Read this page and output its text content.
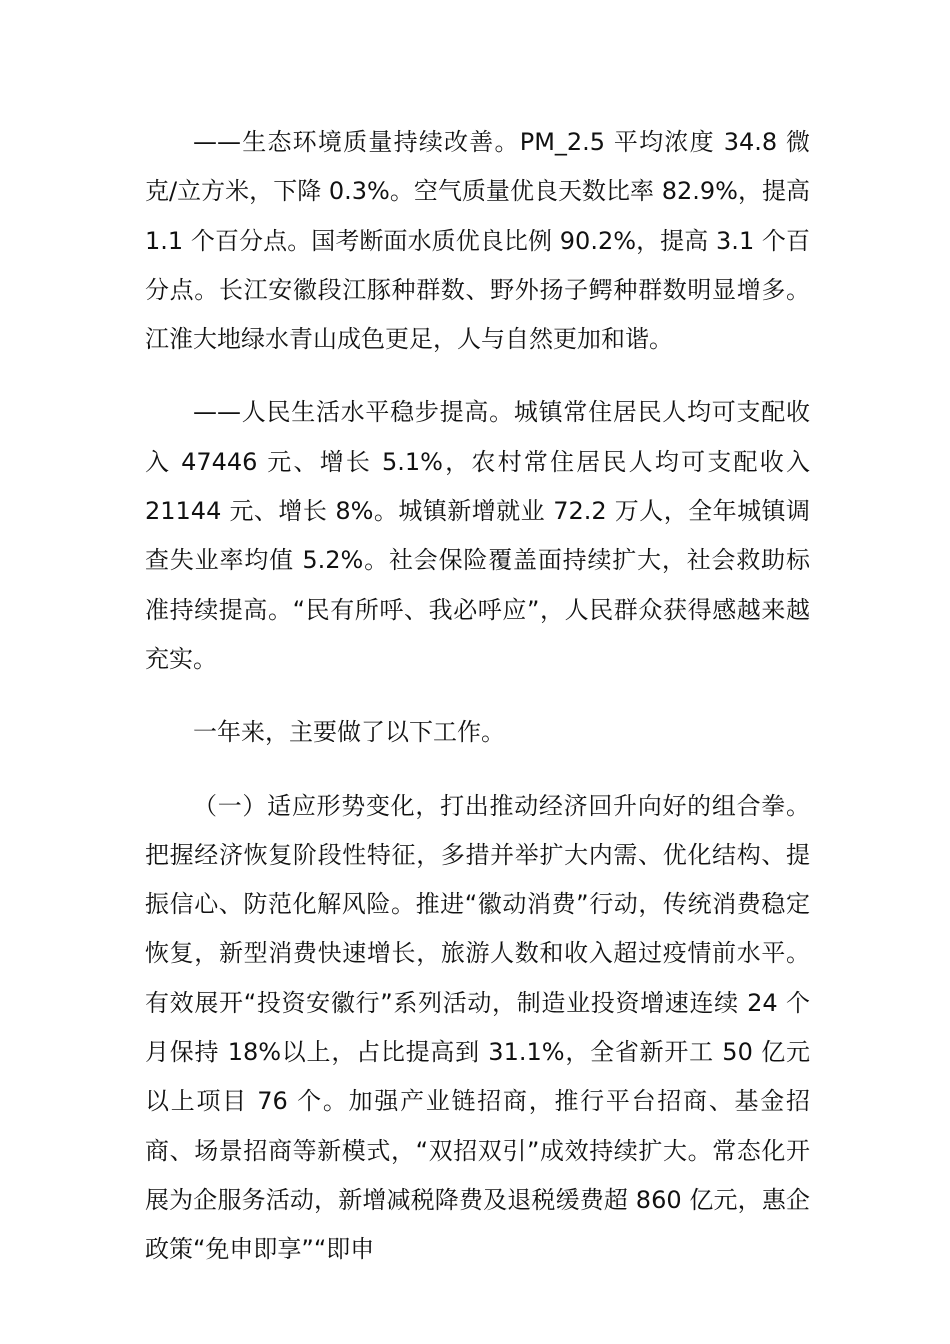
——生态环境质量持续改善。PM_2.5 平均浓度 34.8 微克/立方米，下降 0.3%。空气质量优良天数比率 82.9%，提高 1.1 个百分点。国考断面水质优良比例 90.2%，提高 3.1 个百分点。长江安徽段江豚种群数、野外扬子鳄种群数明显增多。江淮大地绿水青山成色更足，人与自然更加和谐。

——人民生活水平稳步提高。城镇常住居民人均可支配收入 47446 元、增长 5.1%，农村常住居民人均可支配收入 21144 元、增长 8%。城镇新增就业 72.2 万人，全年城镇调查失业率均值 5.2%。社会保险覆盖面持续扩大，社会救助标准持续提高。“民有所呼、我必呼应”，人民群众获得感越来越充实。

一年来，主要做了以下工作。

（一）适应形势变化，打出推动经济回升向好的组合拳。把握经济恢复阶段性特征，多措并举扩大内需、优化结构、提振信心、防范化解风险。推进“徽动消费”行动，传统消费稳定恢复，新型消费快速增长，旅游人数和收入超过疫情前水平。有效展开“投资安徽行”系列活动，制造业投资增速连续 24 个月保持 18%以上，占比提高到 31.1%，全省新开工 50 亿元以上项目 76 个。加强产业链招商，推行平台招商、基金招商、场景招商等新模式，“双招双引”成效持续扩大。常态化开展为企服务活动，新增减税降费及退税缓费超 860 亿元，惠企政策“免申即享”“即申
